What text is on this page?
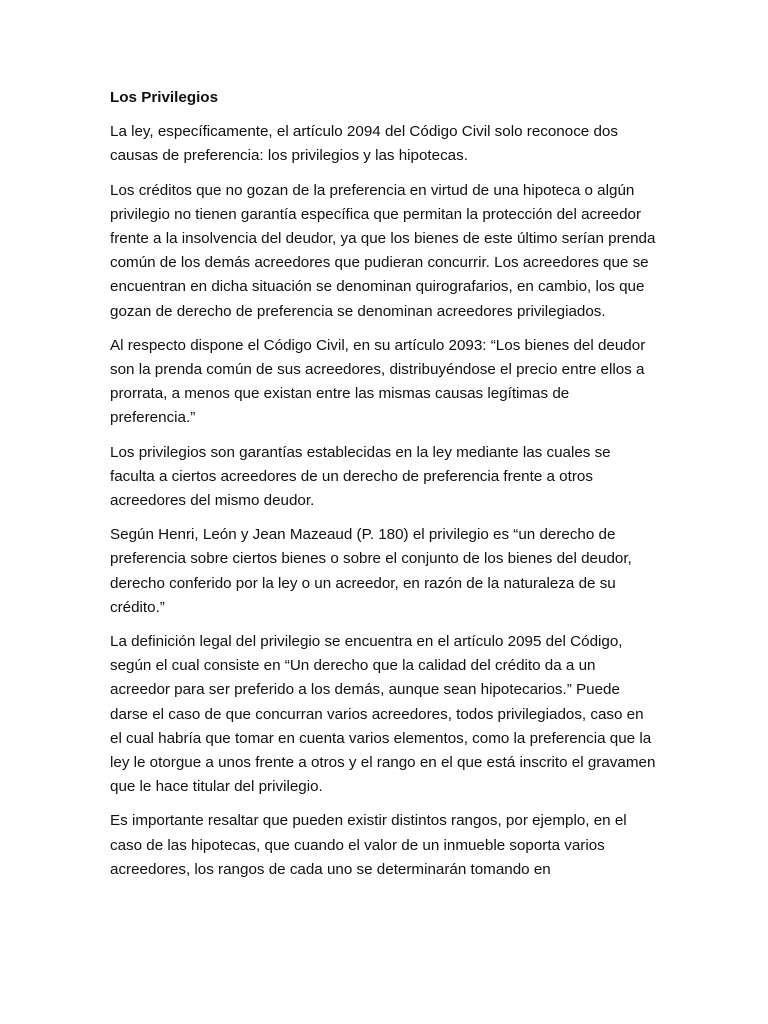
Los Privilegios

La ley, específicamente, el artículo 2094 del Código Civil solo reconoce dos causas de preferencia: los privilegios y las hipotecas.

Los créditos que no gozan de la preferencia en virtud de una hipoteca o algún privilegio no tienen garantía específica que permitan la protección del acreedor frente a la insolvencia del deudor, ya que los bienes de este último serían prenda común de los demás acreedores que pudieran concurrir. Los acreedores que se encuentran en dicha situación se denominan quirografarios, en cambio, los que gozan de derecho de preferencia se denominan acreedores privilegiados.

Al respecto dispone el Código Civil, en su artículo 2093: “Los bienes del deudor son la prenda común de sus acreedores, distribuyéndose el precio entre ellos a prorrata, a menos que existan entre las mismas causas legítimas de preferencia.”

Los privilegios son garantías establecidas en la ley mediante las cuales se faculta a ciertos acreedores de un derecho de preferencia frente a otros acreedores del mismo deudor.

Según Henri, León y Jean Mazeaud (P. 180) el privilegio es “un derecho de preferencia sobre ciertos bienes o sobre el conjunto de los bienes del deudor, derecho conferido por la ley o un acreedor, en razón de la naturaleza de su crédito.”

La definición legal del privilegio se encuentra en el artículo 2095 del Código, según el cual consiste en “Un derecho que la calidad del crédito da a un acreedor para ser preferido a los demás, aunque sean hipotecarios.” Puede darse el caso de que concurran varios acreedores, todos privilegiados, caso en el cual habría que tomar en cuenta varios elementos, como la preferencia que la ley le otorgue a unos frente a otros y el rango en el que está inscrito el gravamen que le hace titular del privilegio.

Es importante resaltar que pueden existir distintos rangos, por ejemplo, en el caso de las hipotecas, que cuando el valor de un inmueble soporta varios acreedores, los rangos de cada uno se determinarán tomando en
